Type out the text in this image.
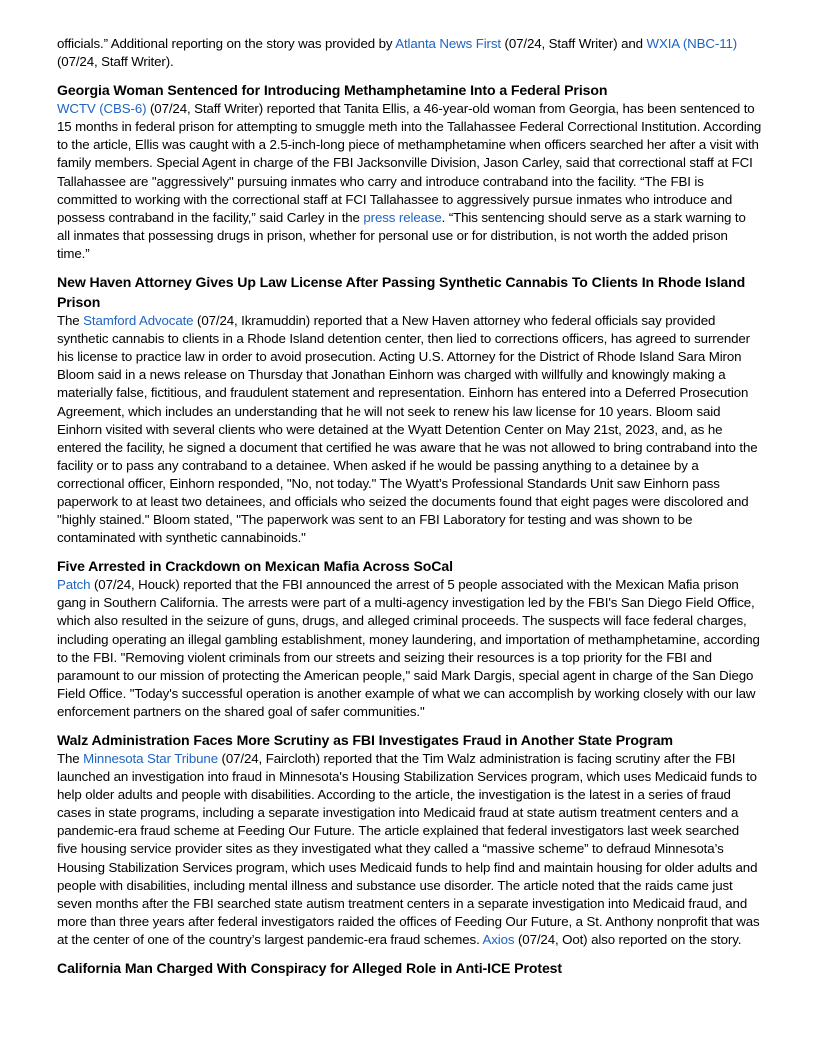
officials.” Additional reporting on the story was provided by Atlanta News First (07/24, Staff Writer) and WXIA (NBC-11) (07/24, Staff Writer).

Georgia Woman Sentenced for Introducing Methamphetamine Into a Federal Prison

WCTV (CBS-6) (07/24, Staff Writer) reported that Tanita Ellis, a 46-year-old woman from Georgia, has been sentenced to 15 months in federal prison for attempting to smuggle meth into the Tallahassee Federal Correctional Institution. According to the article, Ellis was caught with a 2.5-inch-long piece of methamphetamine when officers searched her after a visit with family members. Special Agent in charge of the FBI Jacksonville Division, Jason Carley, said that correctional staff at FCI Tallahassee are "aggressively" pursuing inmates who carry and introduce contraband into the facility. “The FBI is committed to working with the correctional staff at FCI Tallahassee to aggressively pursue inmates who introduce and possess contraband in the facility,” said Carley in the press release. “This sentencing should serve as a stark warning to all inmates that possessing drugs in prison, whether for personal use or for distribution, is not worth the added prison time.”

New Haven Attorney Gives Up Law License After Passing Synthetic Cannabis To Clients In Rhode Island Prison

The Stamford Advocate (07/24, Ikramuddin) reported that a New Haven attorney who federal officials say provided synthetic cannabis to clients in a Rhode Island detention center, then lied to corrections officers, has agreed to surrender his license to practice law in order to avoid prosecution. Acting U.S. Attorney for the District of Rhode Island Sara Miron Bloom said in a news release on Thursday that Jonathan Einhorn was charged with willfully and knowingly making a materially false, fictitious, and fraudulent statement and representation. Einhorn has entered into a Deferred Prosecution Agreement, which includes an understanding that he will not seek to renew his law license for 10 years. Bloom said Einhorn visited with several clients who were detained at the Wyatt Detention Center on May 21st, 2023, and, as he entered the facility, he signed a document that certified he was aware that he was not allowed to bring contraband into the facility or to pass any contraband to a detainee. When asked if he would be passing anything to a detainee by a correctional officer, Einhorn responded, "No, not today." The Wyatt’s Professional Standards Unit saw Einhorn pass paperwork to at least two detainees, and officials who seized the documents found that eight pages were discolored and "highly stained." Bloom stated, "The paperwork was sent to an FBI Laboratory for testing and was shown to be contaminated with synthetic cannabinoids."

Five Arrested in Crackdown on Mexican Mafia Across SoCal

Patch (07/24, Houck) reported that the FBI announced the arrest of 5 people associated with the Mexican Mafia prison gang in Southern California. The arrests were part of a multi-agency investigation led by the FBI's San Diego Field Office, which also resulted in the seizure of guns, drugs, and alleged criminal proceeds. The suspects will face federal charges, including operating an illegal gambling establishment, money laundering, and importation of methamphetamine, according to the FBI. "Removing violent criminals from our streets and seizing their resources is a top priority for the FBI and paramount to our mission of protecting the American people," said Mark Dargis, special agent in charge of the San Diego Field Office. "Today's successful operation is another example of what we can accomplish by working closely with our law enforcement partners on the shared goal of safer communities."

Walz Administration Faces More Scrutiny as FBI Investigates Fraud in Another State Program

The Minnesota Star Tribune (07/24, Faircloth) reported that the Tim Walz administration is facing scrutiny after the FBI launched an investigation into fraud in Minnesota's Housing Stabilization Services program, which uses Medicaid funds to help older adults and people with disabilities. According to the article, the investigation is the latest in a series of fraud cases in state programs, including a separate investigation into Medicaid fraud at state autism treatment centers and a pandemic-era fraud scheme at Feeding Our Future. The article explained that federal investigators last week searched five housing service provider sites as they investigated what they called a “massive scheme” to defraud Minnesota’s Housing Stabilization Services program, which uses Medicaid funds to help find and maintain housing for older adults and people with disabilities, including mental illness and substance use disorder. The article noted that the raids came just seven months after the FBI searched state autism treatment centers in a separate investigation into Medicaid fraud, and more than three years after federal investigators raided the offices of Feeding Our Future, a St. Anthony nonprofit that was at the center of one of the country’s largest pandemic-era fraud schemes. Axios (07/24, Oot) also reported on the story.

California Man Charged With Conspiracy for Alleged Role in Anti-ICE Protest
